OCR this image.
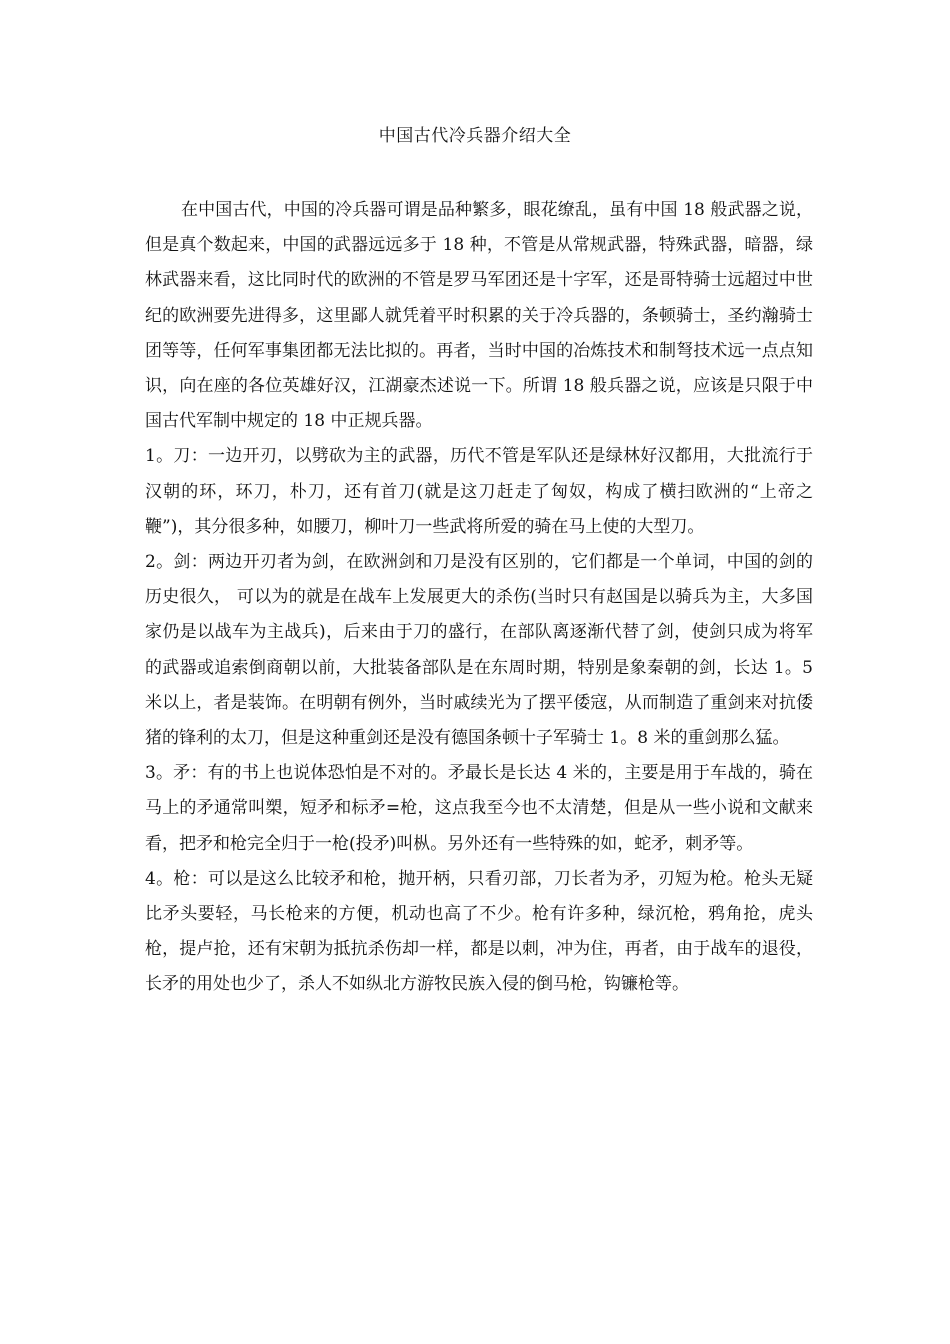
中国古代冷兵器介绍大全

在中国古代，中国的冷兵器可谓是品种繁多，眼花缭乱，虽有中国 18 般武器之说，但是真个数起来，中国的武器远远多于 18 种，不管是从常规武器，特殊武器，暗器，绿林武器来看，这比同时代的欧洲的不管是罗马军团还是十字军，还是哥特骑士远超过中世纪的欧洲要先进得多，这里鄙人就凭着平时积累的关于冷兵器的，条顿骑士，圣约瀚骑士团等等，任何军事集团都无法比拟的。再者，当时中国的冶炼技术和制弩技术远一点点知识，向在座的各位英雄好汉，江湖豪杰述说一下。所谓 18 般兵器之说，应该是只限于中国古代军制中规定的 18 中正规兵器。

1。刀：一边开刃，以劈砍为主的武器，历代不管是军队还是绿林好汉都用，大批流行于汉朝的环，环刀，朴刀，还有首刀(就是这刀赶走了匈奴，构成了横扫欧洲的“上帝之鞭”)，其分很多种，如腰刀，柳叶刀一些武将所爱的骑在马上使的大型刀。

2。剑：两边开刃者为剑，在欧洲剑和刀是没有区别的，它们都是一个单词，中国的剑的历史很久， 可以为的就是在战车上发展更大的杀伤(当时只有赵国是以骑兵为主，大多国家仍是以战车为主战兵)，后来由于刀的盛行，在部队离逐渐代替了剑，使剑只成为将军的武器或追索倒商朝以前，大批装备部队是在东周时期，特别是象秦朝的剑，长达 1。5 米以上，者是装饰。在明朝有例外，当时戚续光为了摆平倭寇，从而制造了重剑来对抗倭猪的锋利的太刀，但是这种重剑还是没有德国条顿十子军骑士 1。8 米的重剑那么猛。

3。矛：有的书上也说体恐怕是不对的。矛最长是长达 4 米的，主要是用于车战的，骑在马上的矛通常叫槊，短矛和标矛=枪，这点我至今也不太清楚，但是从一些小说和文献来看，把矛和枪完全归于一枪(投矛)叫枞。另外还有一些特殊的如，蛇矛，刺矛等。

4。枪：可以是这么比较矛和枪，抛开柄，只看刃部，刀长者为矛，刃短为枪。枪头无疑比矛头要轻，马长枪来的方便，机动也高了不少。枪有许多种，绿沉枪，鸦角抢，虎头枪，提卢抢，还有宋朝为抵抗杀伤却一样，都是以刺，冲为住，再者，由于战车的退役，长矛的用处也少了，杀人不如纵北方游牧民族入侵的倒马枪，钩镰枪等。
